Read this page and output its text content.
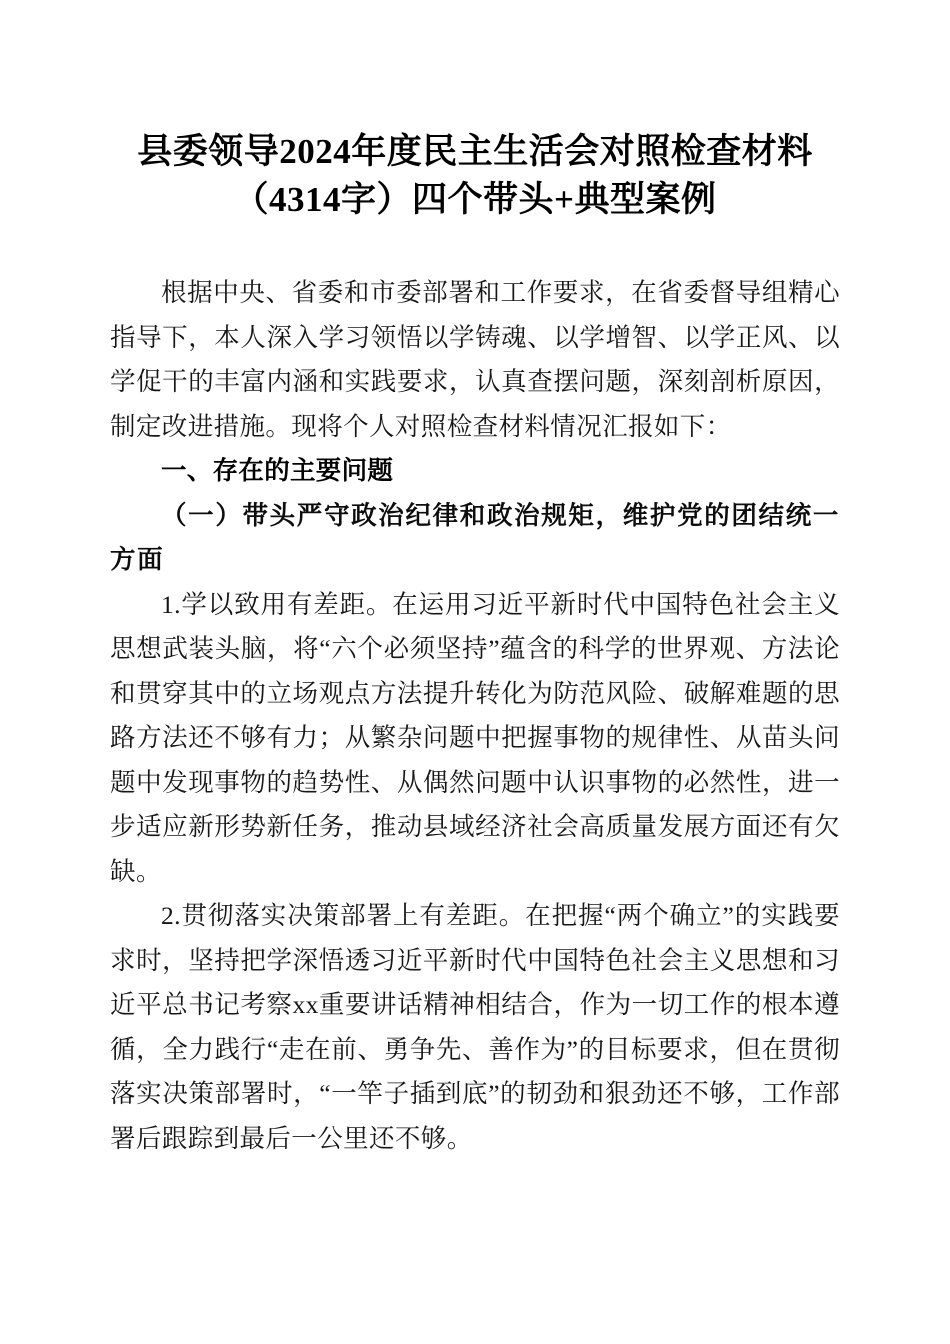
县委领导2024年度民主生活会对照检查材料
（4314字）四个带头+典型案例

根据中央、省委和市委部署和工作要求，在省委督导组精心指导下，本人深入学习领悟以学铸魂、以学增智、以学正风、以学促干的丰富内涵和实践要求，认真查摆问题，深刻剖析原因，制定改进措施。现将个人对照检查材料情况汇报如下：

一、存在的主要问题

（一）带头严守政治纪律和政治规矩，维护党的团结统一方面

1.学以致用有差距。在运用习近平新时代中国特色社会主义思想武装头脑，将“六个必须坚持”蕴含的科学的世界观、方法论和贯穿其中的立场观点方法提升转化为防范风险、破解难题的思路方法还不够有力；从繁杂问题中把握事物的规律性、从苗头问题中发现事物的趋势性、从偶然问题中认识事物的必然性，进一步适应新形势新任务，推动县域经济社会高质量发展方面还有欠缺。

2.贯彻落实决策部署上有差距。在把握“两个确立”的实践要求时，坚持把学深悟透习近平新时代中国特色社会主义思想和习近平总书记考察xx重要讲话精神相结合，作为一切工作的根本遵循，全力践行“走在前、勇争先、善作为”的目标要求，但在贯彻落实决策部署时，“一竿子插到底”的韧劲和狠劲还不够，工作部署后跟踪到最后一公里还不够。
